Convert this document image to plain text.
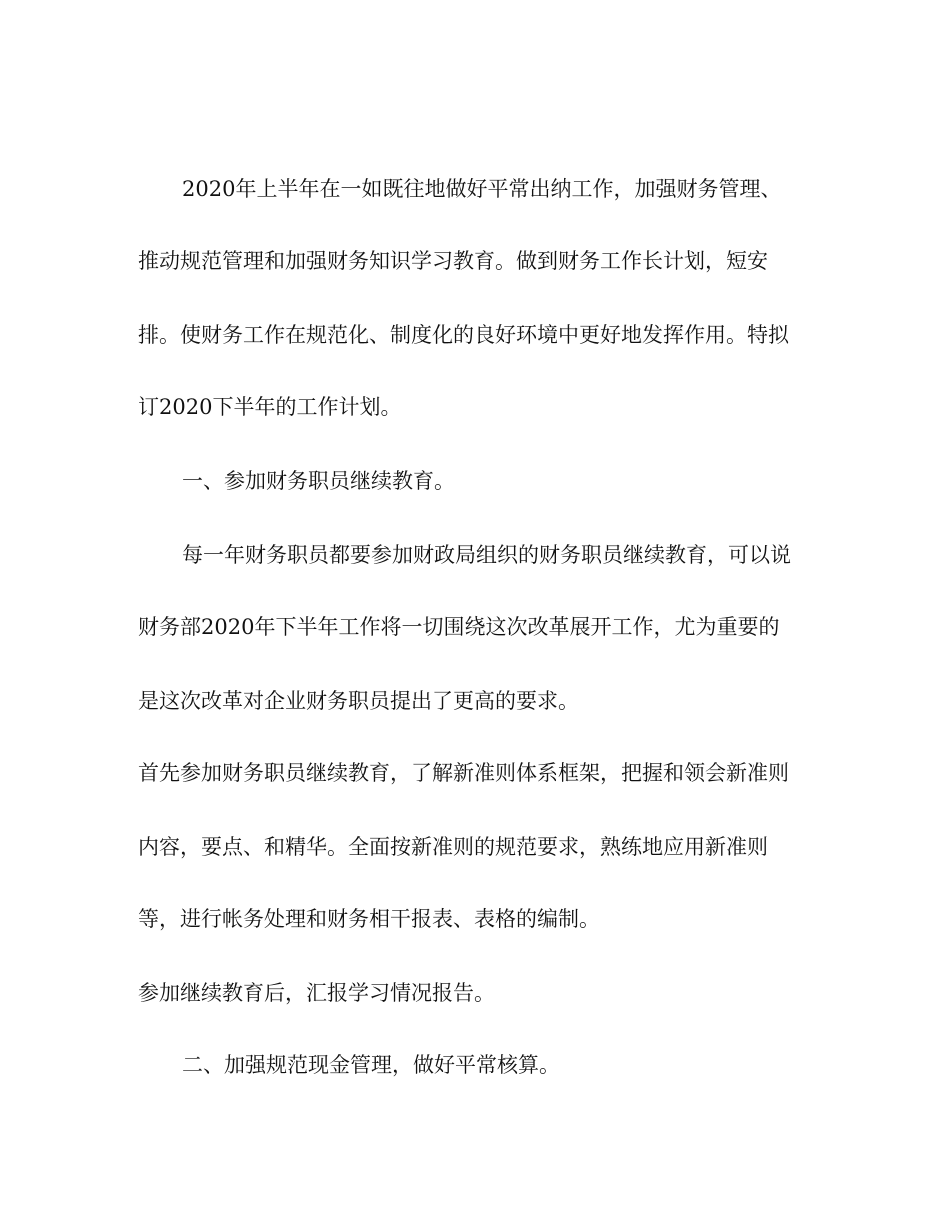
2020年上半年在一如既往地做好平常出纳工作，加强财务管理、
推动规范管理和加强财务知识学习教育。做到财务工作长计划，短安
排。使财务工作在规范化、制度化的良好环境中更好地发挥作用。特拟
订2020下半年的工作计划。
一、参加财务职员继续教育。
每一年财务职员都要参加财政局组织的财务职员继续教育，可以说
财务部2020年下半年工作将一切围绕这次改革展开工作，尤为重要的
是这次改革对企业财务职员提出了更高的要求。
首先参加财务职员继续教育，了解新准则体系框架，把握和领会新准则
内容，要点、和精华。全面按新准则的规范要求，熟练地应用新准则
等，进行帐务处理和财务相干报表、表格的编制。
参加继续教育后，汇报学习情况报告。
二、加强规范现金管理，做好平常核算。
